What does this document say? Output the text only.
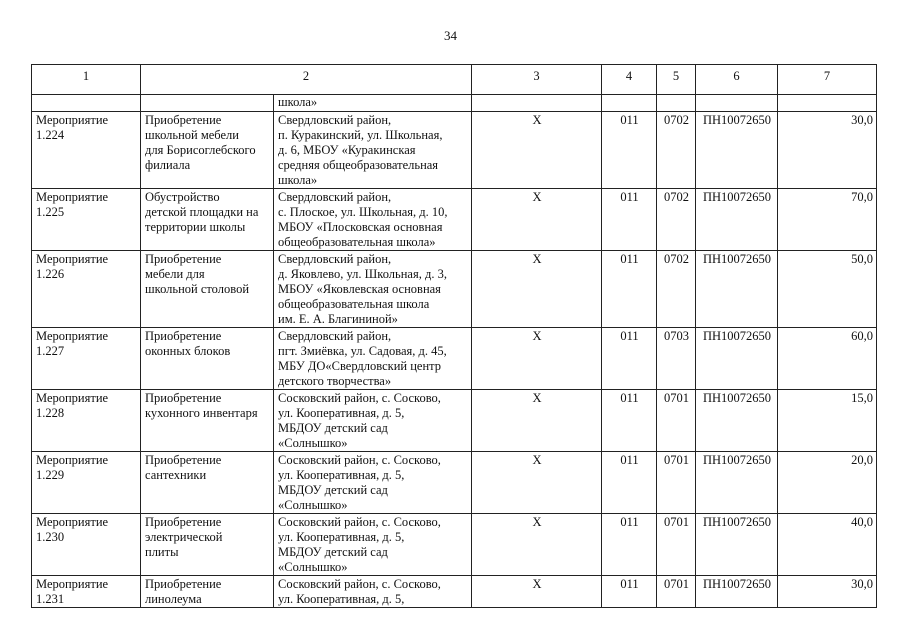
34
1	2		3	4	5	6	7
		школа»					
Мероприятие
1.224	Приобретение
школьной мебели
для Борисоглебского
филиала	Свердловский район,
п. Куракинский, ул. Школьная,
д. 6, МБОУ «Куракинская
средняя общеобразовательная
школа»	Х	011	0702	ПН10072650	30,0
Мероприятие
1.225	Обустройство
детской площадки на
территории школы	Свердловский район,
с. Плоское, ул. Школьная, д. 10,
МБОУ «Плосковская основная
общеобразовательная школа»	Х	011	0702	ПН10072650	70,0
Мероприятие
1.226	Приобретение
мебели для
школьной столовой	Свердловский район,
д. Яковлево, ул. Школьная, д. 3,
МБОУ «Яковлевская основная
общеобразовательная школа
им. Е. А. Благининой»	Х	011	0702	ПН10072650	50,0
Мероприятие
1.227	Приобретение
оконных блоков	Свердловский район,
пгт. Змиёвка, ул. Садовая, д. 45,
МБУ ДО«Свердловский центр
детского творчества»	Х	011	0703	ПН10072650	60,0
Мероприятие
1.228	Приобретение
кухонного инвентаря	Сосковский район, с. Сосково,
ул. Кооперативная, д. 5,
МБДОУ детский сад
«Солнышко»	Х	011	0701	ПН10072650	15,0
Мероприятие
1.229	Приобретение
сантехники	Сосковский район, с. Сосково,
ул. Кооперативная, д. 5,
МБДОУ детский сад
«Солнышко»	Х	011	0701	ПН10072650	20,0
Мероприятие
1.230	Приобретение
электрической
плиты	Сосковский район, с. Сосково,
ул. Кооперативная, д. 5,
МБДОУ детский сад
«Солнышко»	Х	011	0701	ПН10072650	40,0
Мероприятие
1.231	Приобретение
линолеума	Сосковский район, с. Сосково,
ул. Кооперативная, д. 5,	Х	011	0701	ПН10072650	30,0
